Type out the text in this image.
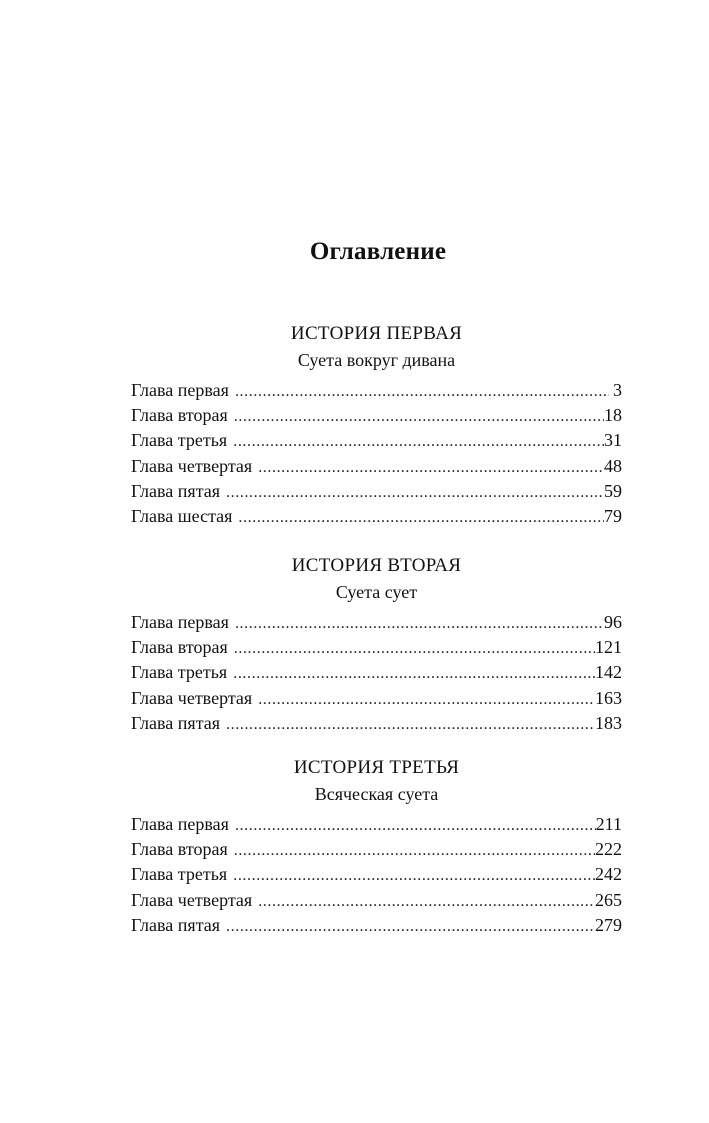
Оглавление
ИСТОРИЯ ПЕРВАЯ
Суета вокруг дивана
Глава первая .....	3
Глава вторая .....	18
Глава третья .....	31
Глава четвертая .....	48
Глава пятая .....	59
Глава шестая .....	79
ИСТОРИЯ ВТОРАЯ
Суета сует
Глава первая .....	96
Глава вторая .....	121
Глава третья .....	142
Глава четвертая .....	163
Глава пятая .....	183
ИСТОРИЯ ТРЕТЬЯ
Всяческая суета
Глава первая .....	211
Глава вторая .....	222
Глава третья .....	242
Глава четвертая .....	265
Глава пятая .....	279
